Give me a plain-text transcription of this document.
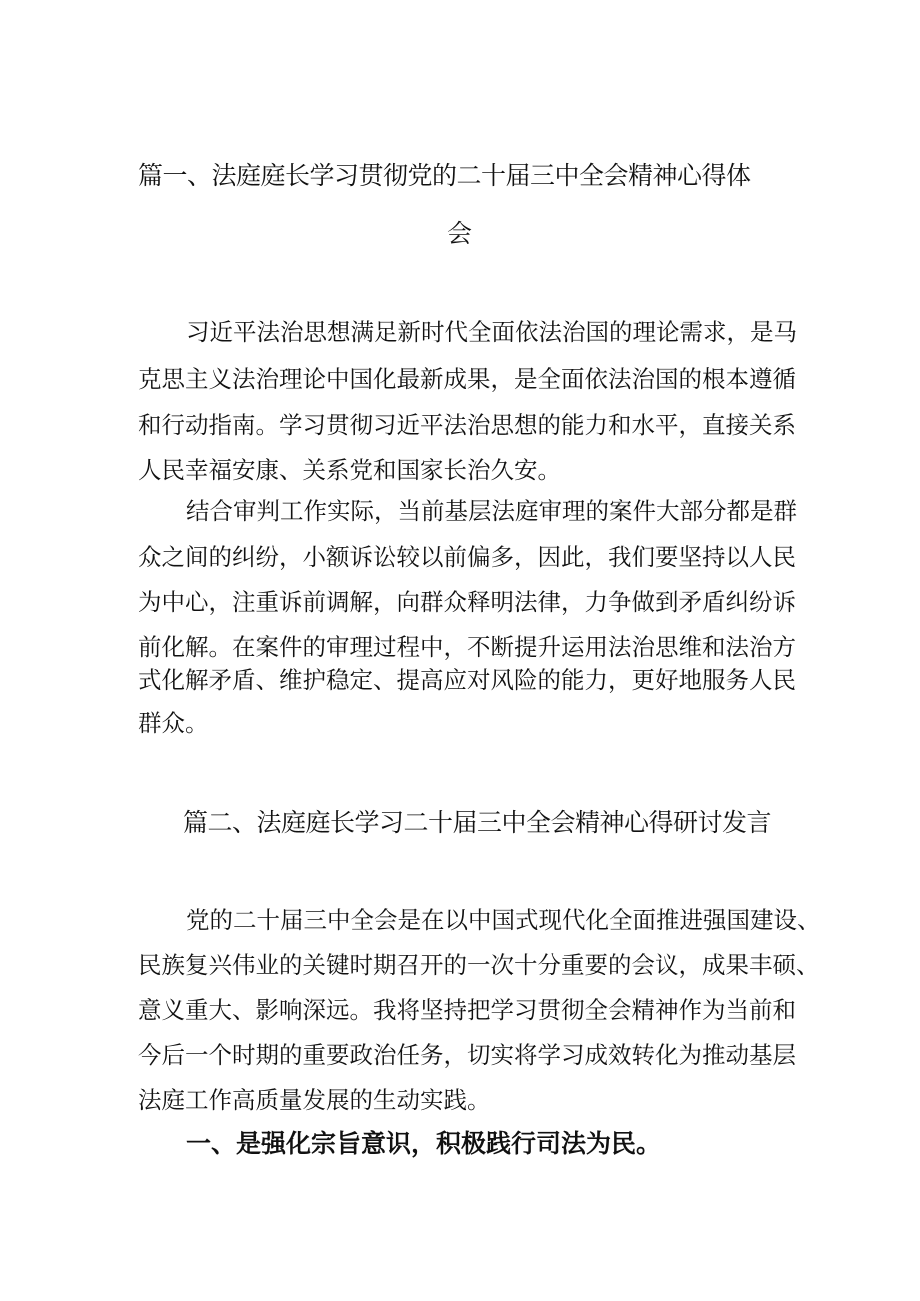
篇一、法庭庭长学习贯彻党的二十届三中全会精神心得体
会

习近平法治思想满足新时代全面依法治国的理论需求，是马

克思主义法治理论中国化最新成果，是全面依法治国的根本遵循

和行动指南。学习贯彻习近平法治思想的能力和水平，直接关系

人民幸福安康、关系党和国家长治久安。

结合审判工作实际，当前基层法庭审理的案件大部分都是群

众之间的纠纷，小额诉讼较以前偏多，因此，我们要坚持以人民

为中心，注重诉前调解，向群众释明法律，力争做到矛盾纠纷诉

前化解。在案件的审理过程中，不断提升运用法治思维和法治方

式化解矛盾、维护稳定、提高应对风险的能力，更好地服务人民

群众。

篇二、法庭庭长学习二十届三中全会精神心得研讨发言

党的二十届三中全会是在以中国式现代化全面推进强国建设、

民族复兴伟业的关键时期召开的一次十分重要的会议，成果丰硕、

意义重大、影响深远。我将坚持把学习贯彻全会精神作为当前和

今后一个时期的重要政治任务，切实将学习成效转化为推动基层

法庭工作高质量发展的生动实践。

一、是强化宗旨意识，积极践行司法为民。
